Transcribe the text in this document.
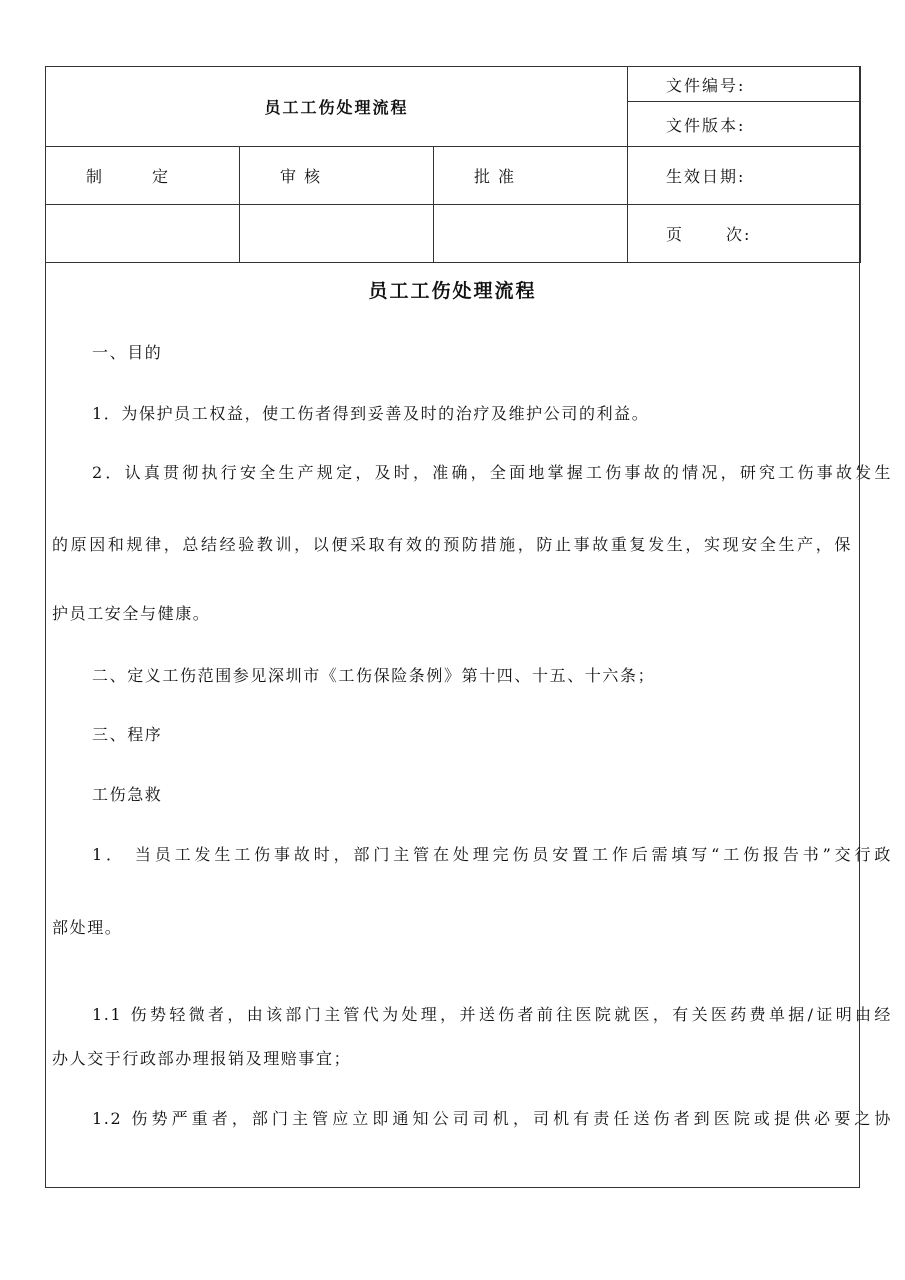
员工工伤处理流程			文件编号:
			文件版本:
制定	审核	批准	生效日期:
			页 次:
员工工伤处理流程
一、目的
1．为保护员工权益，使工伤者得到妥善及时的治疗及维护公司的利益。
2．认真贯彻执行安全生产规定，及时，准确，全面地掌握工伤事故的情况，研究工伤事故发生
的原因和规律，总结经验教训，以便采取有效的预防措施，防止事故重复发生，实现安全生产，保
护员工安全与健康。
二、定义工伤范围参见深圳市《工伤保险条例》第十四、十五、十六条；
三、程序
工伤急救
1． 当员工发生工伤事故时，部门主管在处理完伤员安置工作后需填写“工伤报告书”交行政
部处理。
1.1 伤势轻微者，由该部门主管代为处理，并送伤者前往医院就医，有关医药费单据/证明由经
办人交于行政部办理报销及理赔事宜；
1.2 伤势严重者，部门主管应立即通知公司司机，司机有责任送伤者到医院或提供必要之协
